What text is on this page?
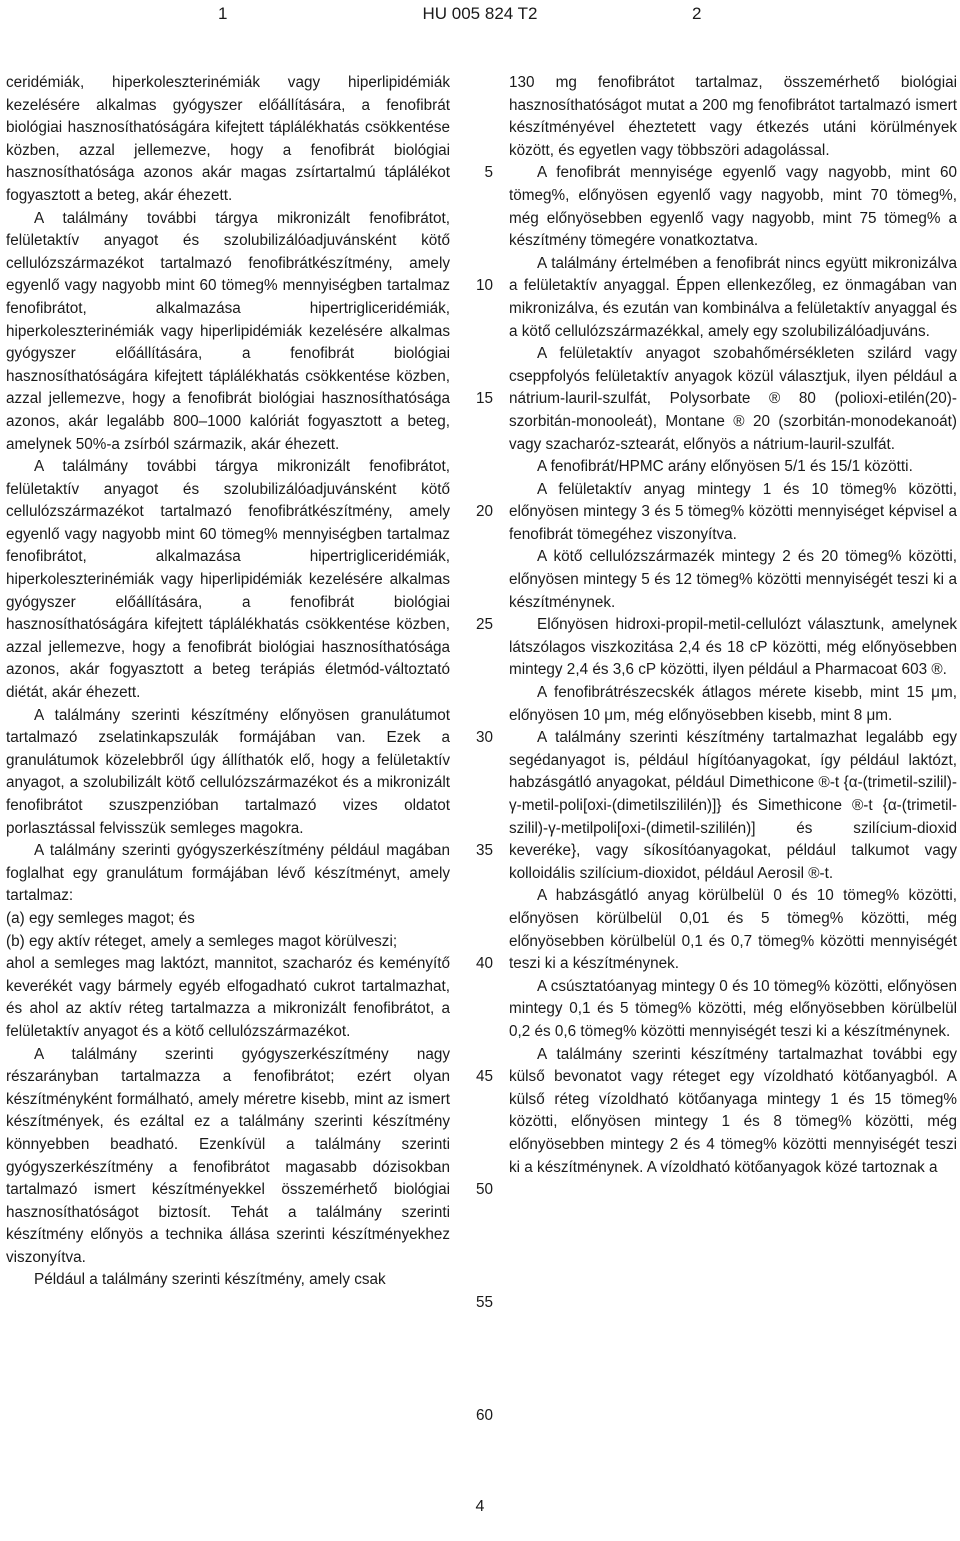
1	HU 005 824 T2	2

ceridémiák, hiperkoleszterinémiák vagy hiperlipidémiák kezelésére alkalmas gyógyszer előállítására, a fenofibrát biológiai hasznosíthatóságára kifejtett táplálékhatás csökkentése közben, azzal jellemezve, hogy a fenofibrát biológiai hasznosíthatósága azonos akár magas zsírtartalmú táplálékot fogyasztott a beteg, akár éhezett.

A találmány további tárgya mikronizált fenofibrátot, felületaktív anyagot és szolubilizálóadjuvánsként kötő cellulózszármazékot tartalmazó fenofibrátkészítmény, amely egyenlő vagy nagyobb mint 60 tömeg% mennyiségben tartalmaz fenofibrátot, alkalmazása hipertrigliceridémiák, hiperkoleszterinémiák vagy hiperlipidémiák kezelésére alkalmas gyógyszer előállítására, a fenofibrát biológiai hasznosíthatóságára kifejtett táplálékhatás csökkentése közben, azzal jellemezve, hogy a fenofibrát biológiai hasznosíthatósága azonos, akár legalább 800–1000 kalóriát fogyasztott a beteg, amelynek 50%-a zsírból származik, akár éhezett.

A találmány további tárgya mikronizált fenofibrátot, felületaktív anyagot és szolubilizálóadjuvánsként kötő cellulózszármazékot tartalmazó fenofibrátkészítmény, amely egyenlő vagy nagyobb mint 60 tömeg% mennyiségben tartalmaz fenofibrátot, alkalmazása hipertrigliceridémiák, hiperkoleszterinémiák vagy hiperlipidémiák kezelésére alkalmas gyógyszer előállítására, a fenofibrát biológiai hasznosíthatóságára kifejtett táplálékhatás csökkentése közben, azzal jellemezve, hogy a fenofibrát biológiai hasznosíthatósága azonos, akár fogyasztott a beteg terápiás életmód-változtató diétát, akár éhezett.

A találmány szerinti készítmény előnyösen granulátumot tartalmazó zselatinkapszulák formájában van. Ezek a granulátumok közelebbről úgy állíthatók elő, hogy a felületaktív anyagot, a szolubilizált kötő cellulózszármazékot és a mikronizált fenofibrátot szuszpenzióban tartalmazó vizes oldatot porlasztással felvisszük semleges magokra.

A találmány szerinti gyógyszerkészítmény például magában foglalhat egy granulátum formájában lévő készítményt, amely tartalmaz:

(a) egy semleges magot; és

(b) egy aktív réteget, amely a semleges magot körülveszi;

ahol a semleges mag laktózt, mannitot, szacharóz és keményítő keverékét vagy bármely egyéb elfogadható cukrot tartalmazhat, és ahol az aktív réteg tartalmazza a mikronizált fenofibrátot, a felületaktív anyagot és a kötő cellulózszármazékot.

A találmány szerinti gyógyszerkészítmény nagy részarányban tartalmazza a fenofibrátot; ezért olyan készítményként formálható, amely méretre kisebb, mint az ismert készítmények, és ezáltal ez a találmány szerinti készítmény könnyebben beadható. Ezenkívül a találmány szerinti gyógyszerkészítmény a fenofibrátot magasabb dózisokban tartalmazó ismert készítményekkel összemérhető biológiai hasznosíthatóságot biztosít. Tehát a találmány szerinti készítmény előnyös a technika állása szerinti készítményekhez viszonyítva.

Például a találmány szerinti készítmény, amely csak

5
10
15
20
25
30
35
40
45
50
55
60

130 mg fenofibrátot tartalmaz, összemérhető biológiai hasznosíthatóságot mutat a 200 mg fenofibrátot tartalmazó ismert készítményével éheztetett vagy étkezés utáni körülmények között, és egyetlen vagy többszöri adagolással.

A fenofibrát mennyisége egyenlő vagy nagyobb, mint 60 tömeg%, előnyösen egyenlő vagy nagyobb, mint 70 tömeg%, még előnyösebben egyenlő vagy nagyobb, mint 75 tömeg% a készítmény tömegére vonatkoztatva.

A találmány értelmében a fenofibrát nincs együtt mikronizálva a felületaktív anyaggal. Éppen ellenkezőleg, ez önmagában van mikronizálva, és ezután van kombinálva a felületaktív anyaggal és a kötő cellulózszármazékkal, amely egy szolubilizálóadjuváns.

A felületaktív anyagot szobahőmérsékleten szilárd vagy cseppfolyós felületaktív anyagok közül választjuk, ilyen például a nátrium-lauril-szulfát, Polysorbate ® 80 (polioxi-etilén(20)-szorbitán-monooleát), Montane ® 20 (szorbitán-monodekanoát) vagy szacharóz-sztearát, előnyös a nátrium-lauril-szulfát.

A fenofibrát/HPMC arány előnyösen 5/1 és 15/1 közötti.

A felületaktív anyag mintegy 1 és 10 tömeg% közötti, előnyösen mintegy 3 és 5 tömeg% közötti mennyiséget képvisel a fenofibrát tömegéhez viszonyítva.

A kötő cellulózszármazék mintegy 2 és 20 tömeg% közötti, előnyösen mintegy 5 és 12 tömeg% közötti mennyiségét teszi ki a készítménynek.

Előnyösen hidroxi-propil-metil-cellulózt választunk, amelynek látszólagos viszkozitása 2,4 és 18 cP közötti, még előnyösebben mintegy 2,4 és 3,6 cP közötti, ilyen például a Pharmacoat 603 ®.

A fenofibrátrészecskék átlagos mérete kisebb, mint 15 μm, előnyösen 10 μm, még előnyösebben kisebb, mint 8 μm.

A találmány szerinti készítmény tartalmazhat legalább egy segédanyagot is, például hígítóanyagokat, így például laktózt, habzásgátló anyagokat, például Dimethicone ®-t {α-(trimetil-szilil)-γ-metil-poli[oxi-(dimetilszililén)]} és Simethicone ®-t {α-(trimetil-szilil)-γ-metilpoli[oxi-(dimetil-szililén)] és szilícium-dioxid keveréke}, vagy síkosítóanyagokat, például talkumot vagy kolloidális szilícium-dioxidot, például Aerosil ®-t.

A habzásgátló anyag körülbelül 0 és 10 tömeg% közötti, előnyösen körülbelül 0,01 és 5 tömeg% közötti, még előnyösebben körülbelül 0,1 és 0,7 tömeg% közötti mennyiségét teszi ki a készítménynek.

A csúsztatóanyag mintegy 0 és 10 tömeg% közötti, előnyösen mintegy 0,1 és 5 tömeg% közötti, még előnyösebben körülbelül 0,2 és 0,6 tömeg% közötti mennyiségét teszi ki a készítménynek.

A találmány szerinti készítmény tartalmazhat további egy külső bevonatot vagy réteget egy vízoldható kötőanyagból. A külső réteg vízoldható kötőanyaga mintegy 1 és 15 tömeg% közötti, előnyösen mintegy 1 és 8 tömeg% közötti, még előnyösebben mintegy 2 és 4 tömeg% közötti mennyiségét teszi ki a készítménynek. A vízoldható kötőanyagok közé tartoznak a

4
